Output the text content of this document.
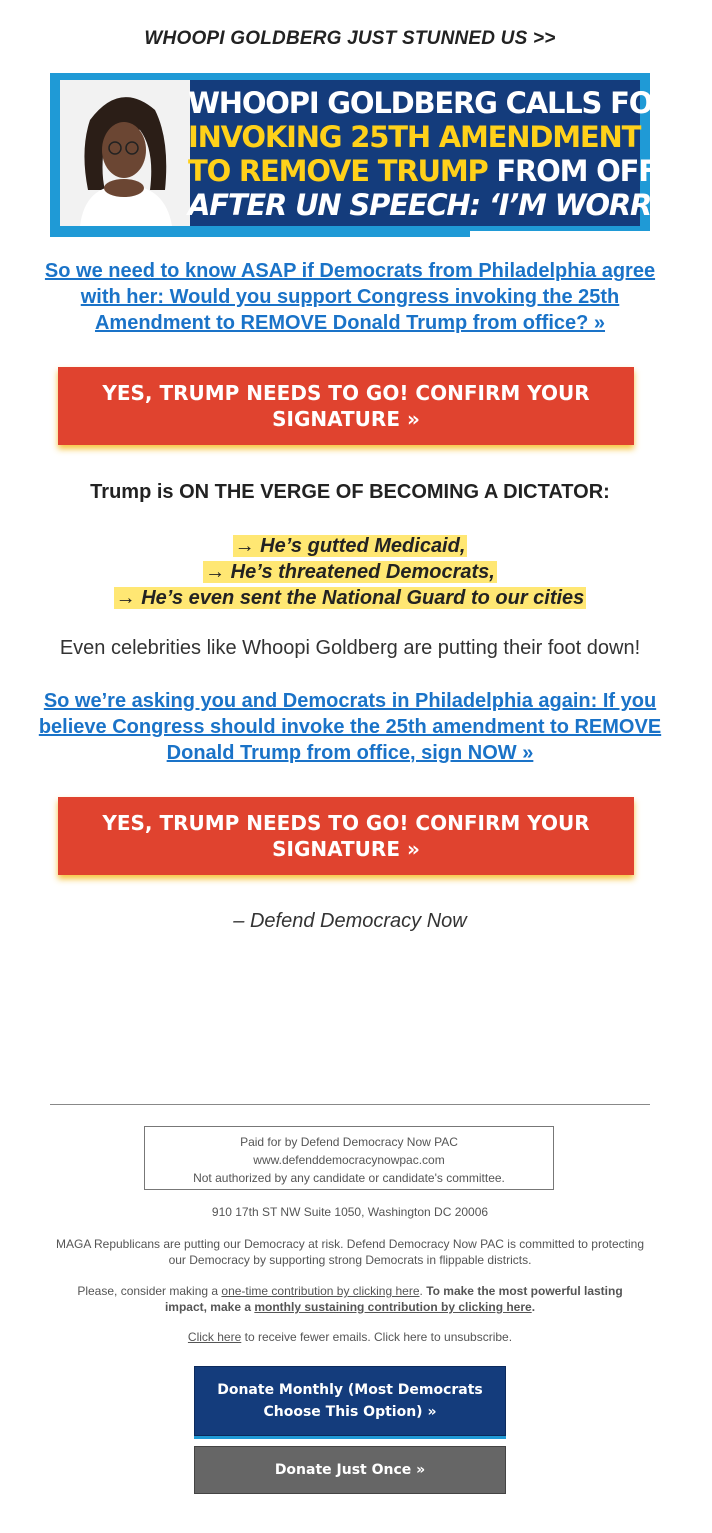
WHOOPI GOLDBERG JUST STUNNED US >>
WHOOPI GOLDBERG CALLS FOR
INVOKING 25TH AMENDMENT
TO REMOVE TRUMP FROM OFFICE
AFTER UN SPEECH: ‘I’M WORRIED’
So we need to know ASAP if Democrats from Philadelphia agree with her: Would you support Congress invoking the 25th Amendment to REMOVE Donald Trump from office? »
YES, TRUMP NEEDS TO GO! CONFIRM YOUR SIGNATURE »
Trump is ON THE VERGE OF BECOMING A DICTATOR:
→ He’s gutted Medicaid,
→ He’s threatened Democrats,
→ He’s even sent the National Guard to our cities
Even celebrities like Whoopi Goldberg are putting their foot down!
So we’re asking you and Democrats in Philadelphia again: If you believe Congress should invoke the 25th amendment to REMOVE Donald Trump from office, sign NOW »
YES, TRUMP NEEDS TO GO! CONFIRM YOUR SIGNATURE »
– Defend Democracy Now
Paid for by Defend Democracy Now PAC
www.defenddemocracynowpac.com
Not authorized by any candidate or candidate's committee.
910 17th ST NW Suite 1050, Washington DC 20006
MAGA Republicans are putting our Democracy at risk. Defend Democracy Now PAC is committed to protecting our Democracy by supporting strong Democrats in flippable districts.
Please, consider making a one-time contribution by clicking here. To make the most powerful lasting impact, make a monthly sustaining contribution by clicking here.
Click here to receive fewer emails. Click here to unsubscribe.
Donate Monthly (Most Democrats Choose This Option) »
Donate Just Once »
